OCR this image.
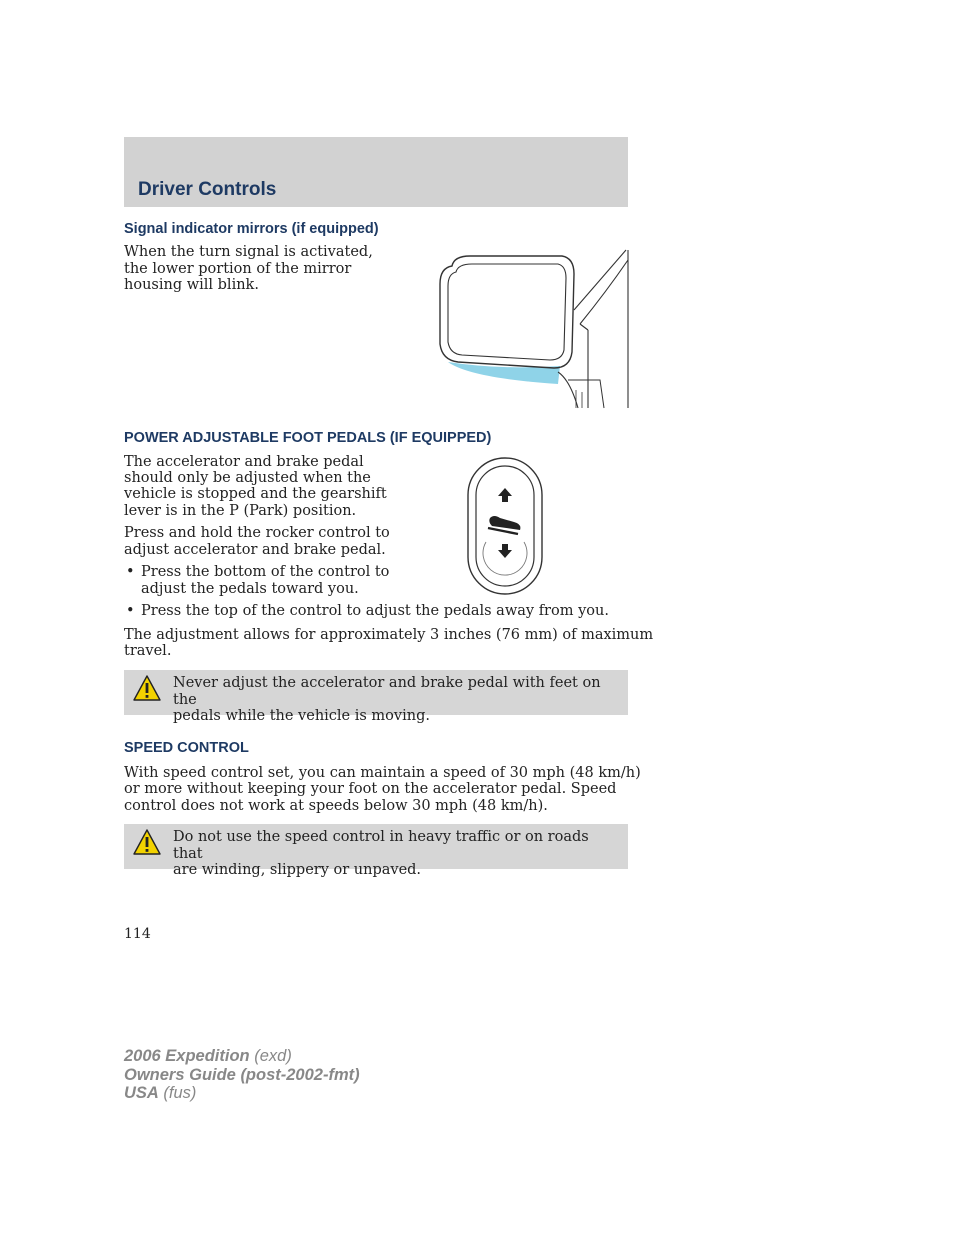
Driver Controls
Signal indicator mirrors (if equipped)

When the turn signal is activated,

the lower portion of the mirror

housing will blink.

POWER ADJUSTABLE FOOT PEDALS (IF EQUIPPED)

The accelerator and brake pedal

should only be adjusted when the

vehicle is stopped and the gearshift

lever is in the P (Park) position.

Press and hold the rocker control to

adjust accelerator and brake pedal.

• Press the bottom of the control to
adjust the pedals toward you.
• Press the top of the control to adjust the pedals away from you.

The adjustment allows for approximately 3 inches (76 mm) of maximum

travel.

Never adjust the accelerator and brake pedal with feet on the
pedals while the vehicle is moving.
SPEED CONTROL

With speed control set, you can maintain a speed of 30 mph (48 km/h)

or more without keeping your foot on the accelerator pedal. Speed

control does not work at speeds below 30 mph (48 km/h).

Do not use the speed control in heavy traffic or on roads that
are winding, slippery or unpaved.
114
2006 Expedition (exd)
Owners Guide (post-2002-fmt)
USA (fus)
